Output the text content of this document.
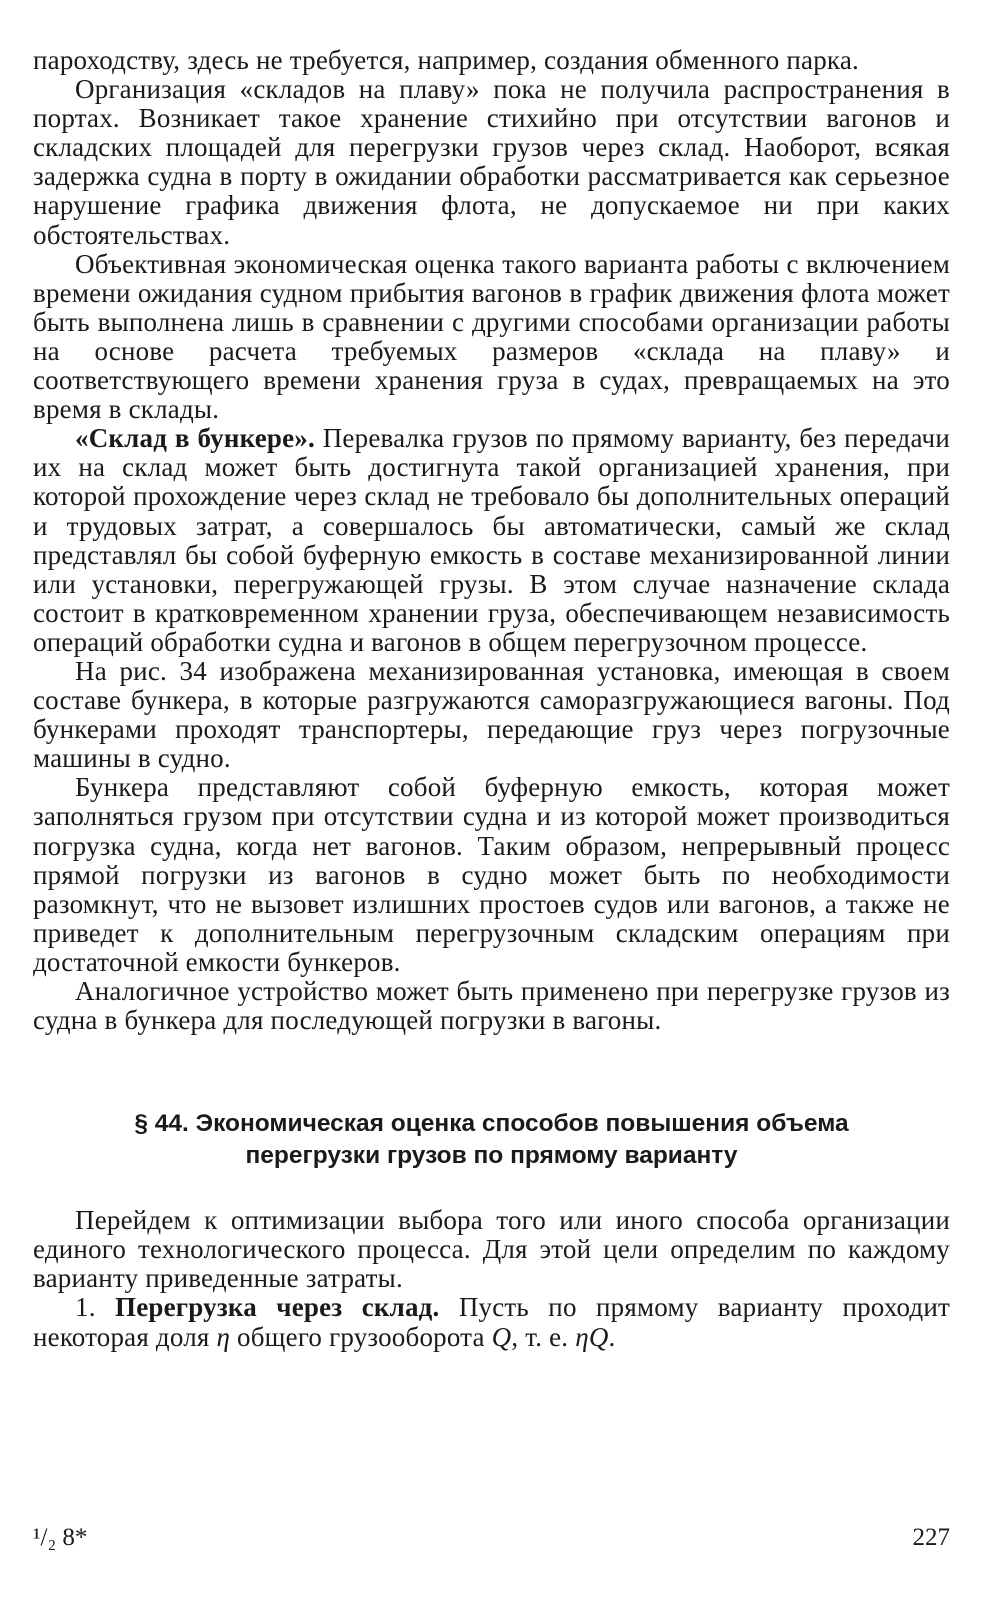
пароходству, здесь не требуется, например, создания обменного парка.

Организация «складов на плаву» пока не получила распространения в портах. Возникает такое хранение стихийно при отсутствии вагонов и складских площадей для перегрузки грузов через склад. Наоборот, всякая задержка судна в порту в ожидании обработки рассматривается как серьезное нарушение графика движения флота, не допускаемое ни при каких обстоятельствах.

Объективная экономическая оценка такого варианта работы с включением времени ожидания судном прибытия вагонов в график движения флота может быть выполнена лишь в сравнении с другими способами организации работы на основе расчета требуемых размеров «склада на плаву» и соответствующего времени хранения груза в судах, превращаемых на это время в склады.

«Склад в бункере». Перевалка грузов по прямому варианту, без передачи их на склад может быть достигнута такой организацией хранения, при которой прохождение через склад не требовало бы дополнительных операций и трудовых затрат, а совершалось бы автоматически, самый же склад представлял бы собой буферную емкость в составе механизированной линии или установки, перегружающей грузы. В этом случае назначение склада состоит в кратковременном хранении груза, обеспечивающем независимость операций обработки судна и вагонов в общем перегрузочном процессе.

На рис. 34 изображена механизированная установка, имеющая в своем составе бункера, в которые разгружаются саморазгружающиеся вагоны. Под бункерами проходят транспортеры, передающие груз через погрузочные машины в судно.

Бункера представляют собой буферную емкость, которая может заполняться грузом при отсутствии судна и из которой может производиться погрузка судна, когда нет вагонов. Таким образом, непрерывный процесс прямой погрузки из вагонов в судно может быть по необходимости разомкнут, что не вызовет излишних простоев судов или вагонов, а также не приведет к дополнительным перегрузочным складским операциям при достаточной емкости бункеров.

Аналогичное устройство может быть применено при перегрузке грузов из судна в бункера для последующей погрузки в вагоны.

§ 44. Экономическая оценка способов повышения объема
перегрузки грузов по прямому варианту

Перейдем к оптимизации выбора того или иного способа организации единого технологического процесса. Для этой цели определим по каждому варианту приведенные затраты.

1. Перегрузка через склад. Пусть по прямому варианту проходит некоторая доля η общего грузооборота Q, т. е. ηQ.

¹/₂ 8*	227
